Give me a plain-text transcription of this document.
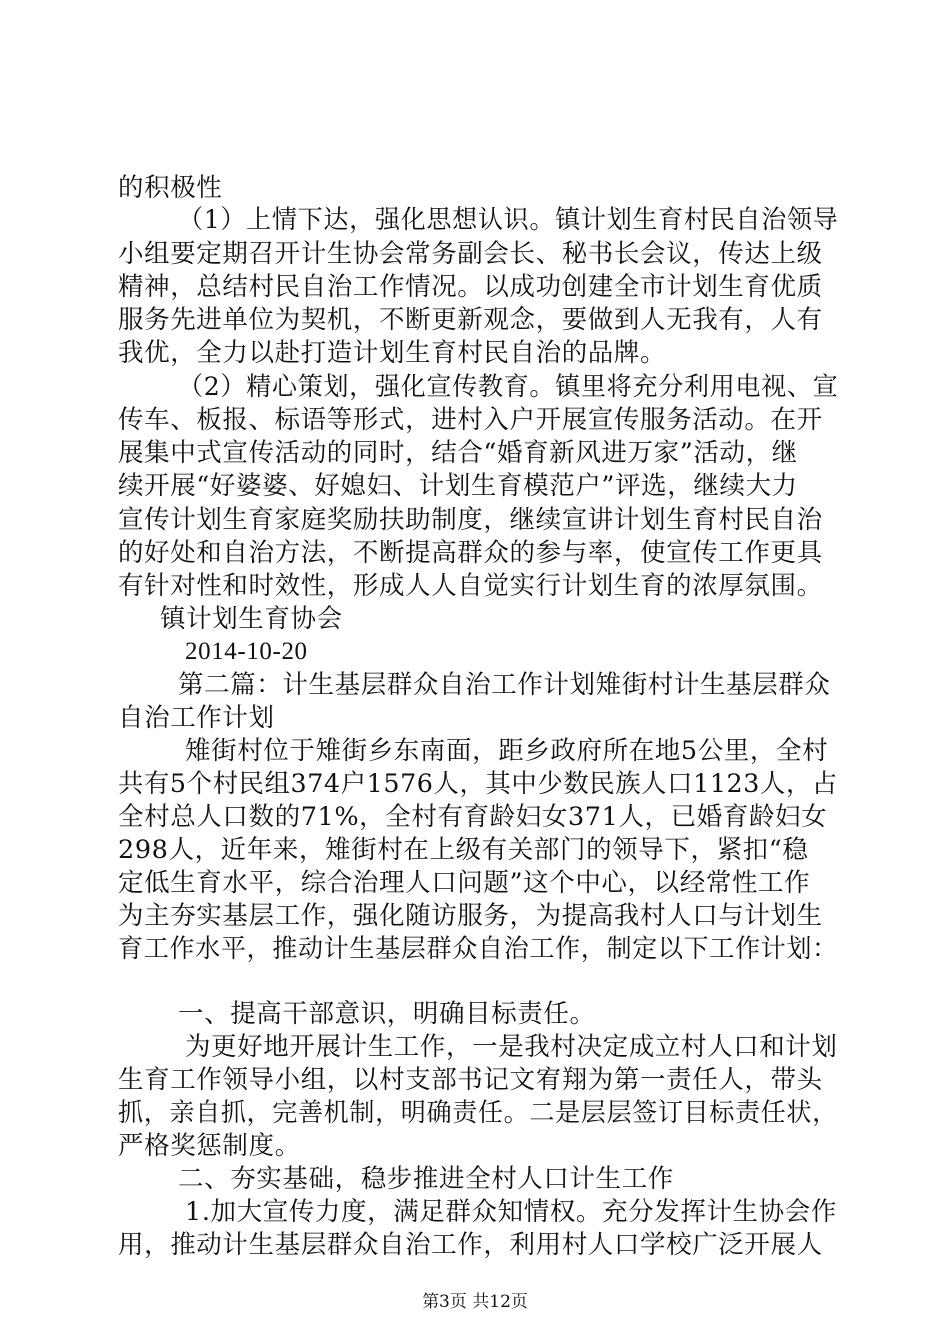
的积极性
（1）上情下达，强化思想认识。镇计划生育村民自治领导
小组要定期召开计生协会常务副会长、秘书长会议，传达上级
精神，总结村民自治工作情况。以成功创建全市计划生育优质
服务先进单位为契机，不断更新观念，要做到人无我有，人有
我优，全力以赴打造计划生育村民自治的品牌。
（2）精心策划，强化宣传教育。镇里将充分利用电视、宣
传车、板报、标语等形式，进村入户开展宣传服务活动。在开
展集中式宣传活动的同时，结合“婚育新风进万家”活动，继
续开展“好婆婆、好媳妇、计划生育模范户”评选，继续大力
宣传计划生育家庭奖励扶助制度，继续宣讲计划生育村民自治
的好处和自治方法，不断提高群众的参与率，使宣传工作更具
有针对性和时效性，形成人人自觉实行计划生育的浓厚氛围。
镇计划生育协会
2014-10-20
第二篇：计生基层群众自治工作计划雉街村计生基层群众
自治工作计划
雉街村位于雉街乡东南面，距乡政府所在地5公里，全村
共有5个村民组374户1576人，其中少数民族人口1123人，占
全村总人口数的71%，全村有育龄妇女371人，已婚育龄妇女
298人，近年来，雉街村在上级有关部门的领导下，紧扣“稳
定低生育水平，综合治理人口问题”这个中心，以经常性工作
为主夯实基层工作，强化随访服务，为提高我村人口与计划生
育工作水平，推动计生基层群众自治工作，制定以下工作计划：
一、提高干部意识，明确目标责任。
为更好地开展计生工作，一是我村决定成立村人口和计划
生育工作领导小组，以村支部书记文宥翔为第一责任人，带头
抓，亲自抓，完善机制，明确责任。二是层层签订目标责任状，
严格奖惩制度。
二、夯实基础，稳步推进全村人口计生工作
1.加大宣传力度，满足群众知情权。充分发挥计生协会作
用，推动计生基层群众自治工作，利用村人口学校广泛开展人
第3页 共12页
